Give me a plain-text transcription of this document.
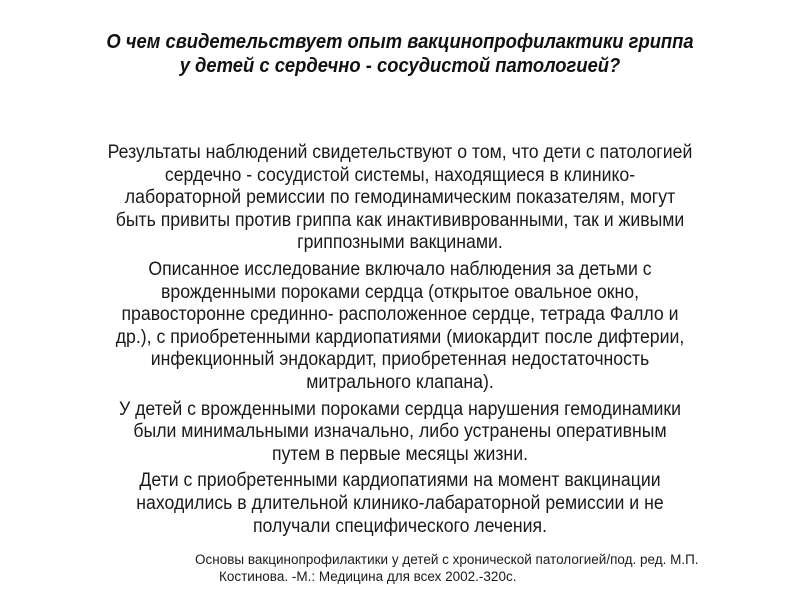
О чем свидетельствует опыт вакцинопрофилактики гриппа
у детей с сердечно - сосудистой патологией?

Результаты наблюдений свидетельствуют о том, что дети с патологией
сердечно - сосудистой системы, находящиеся в клинико-
лабораторной ремиссии по гемодинамическим показателям, могут
быть привиты против гриппа как инактививрованными, так и живыми
гриппозными вакцинами.

Описанное исследование включало наблюдения за детьми с
врожденными пороками сердца (открытое овальное окно,
правосторонне срединно- расположенное сердце, тетрада Фалло и
др.), с приобретенными кардиопатиями (миокардит после дифтерии,
инфекционный эндокардит, приобретенная недостаточность
митрального клапана).

У детей с врожденными пороками сердца нарушения гемодинамики
были минимальными изначально, либо устранены оперативным
путем в первые месяцы жизни.

Дети с приобретенными кардиопатиями на момент вакцинации
находились в длительной клинико-лабараторной ремиссии и не
получали специфического лечения.

Основы вакцинопрофилактики у детей с хронической патологией/под. ред. М.П.
Костинова. -М.: Медицина для всех 2002.-320с.
